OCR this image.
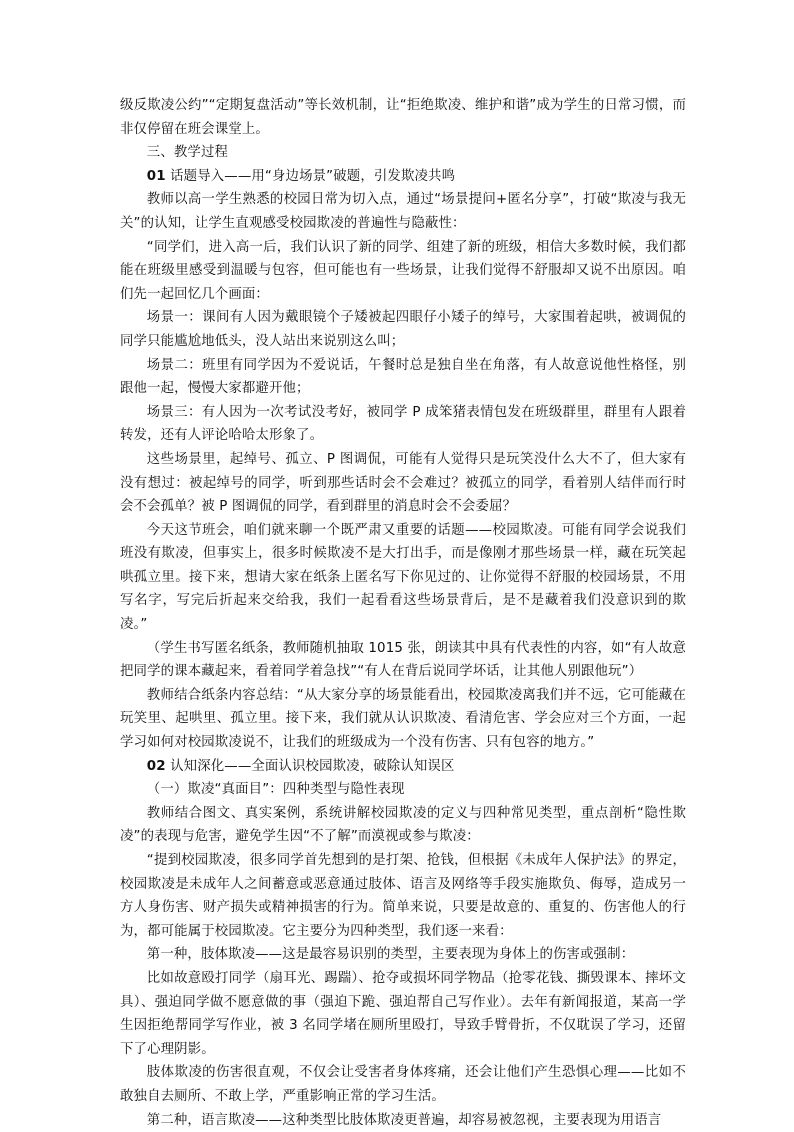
级反欺凌公约”“定期复盘活动”等长效机制，让“拒绝欺凌、维护和谐”成为学生的日常习惯，而非仅停留在班会课堂上。

三、教学过程

01 话题导入——用“身边场景”破题，引发欺凌共鸣

教师以高一学生熟悉的校园日常为切入点，通过“场景提问+匿名分享”，打破“欺凌与我无关”的认知，让学生直观感受校园欺凌的普遍性与隐蔽性：

“同学们，进入高一后，我们认识了新的同学、组建了新的班级，相信大多数时候，我们都能在班级里感受到温暖与包容，但可能也有一些场景，让我们觉得不舒服却又说不出原因。咱们先一起回忆几个画面：

场景一：课间有人因为戴眼镜个子矮被起四眼仔小矮子的绰号，大家围着起哄，被调侃的同学只能尴尬地低头，没人站出来说别这么叫；

场景二：班里有同学因为不爱说话，午餐时总是独自坐在角落，有人故意说他性格怪，别跟他一起，慢慢大家都避开他；

场景三：有人因为一次考试没考好，被同学 P 成笨猪表情包发在班级群里，群里有人跟着转发，还有人评论哈哈太形象了。

这些场景里，起绰号、孤立、P 图调侃，可能有人觉得只是玩笑没什么大不了，但大家有没有想过：被起绰号的同学，听到那些话时会不会难过？被孤立的同学，看着别人结伴而行时会不会孤单？被 P 图调侃的同学，看到群里的消息时会不会委屈？

今天这节班会，咱们就来聊一个既严肃又重要的话题——校园欺凌。可能有同学会说我们班没有欺凌，但事实上，很多时候欺凌不是大打出手，而是像刚才那些场景一样，藏在玩笑起哄孤立里。接下来，想请大家在纸条上匿名写下你见过的、让你觉得不舒服的校园场景，不用写名字，写完后折起来交给我，我们一起看看这些场景背后，是不是藏着我们没意识到的欺凌。”

（学生书写匿名纸条，教师随机抽取 1015 张，朗读其中具有代表性的内容，如“有人故意把同学的课本藏起来，看着同学着急找”“有人在背后说同学坏话，让其他人别跟他玩”）

教师结合纸条内容总结：“从大家分享的场景能看出，校园欺凌离我们并不远，它可能藏在玩笑里、起哄里、孤立里。接下来，我们就从认识欺凌、看清危害、学会应对三个方面，一起学习如何对校园欺凌说不，让我们的班级成为一个没有伤害、只有包容的地方。”

02 认知深化——全面认识校园欺凌，破除认知误区

（一）欺凌“真面目”：四种类型与隐性表现

教师结合图文、真实案例，系统讲解校园欺凌的定义与四种常见类型，重点剖析“隐性欺凌”的表现与危害，避免学生因“不了解”而漠视或参与欺凌：

“提到校园欺凌，很多同学首先想到的是打架、抢钱，但根据《未成年人保护法》的界定，校园欺凌是未成年人之间蓄意或恶意通过肢体、语言及网络等手段实施欺负、侮辱，造成另一方人身伤害、财产损失或精神损害的行为。简单来说，只要是故意的、重复的、伤害他人的行为，都可能属于校园欺凌。它主要分为四种类型，我们逐一来看：

第一种，肢体欺凌——这是最容易识别的类型，主要表现为身体上的伤害或强制：

比如故意殴打同学（扇耳光、踢踹）、抢夺或损坏同学物品（抢零花钱、撕毁课本、摔坏文具）、强迫同学做不愿意做的事（强迫下跪、强迫帮自己写作业）。去年有新闻报道，某高一学生因拒绝帮同学写作业，被 3 名同学堵在厕所里殴打，导致手臂骨折，不仅耽误了学习，还留下了心理阴影。

肢体欺凌的伤害很直观，不仅会让受害者身体疼痛，还会让他们产生恐惧心理——比如不敢独自去厕所、不敢上学，严重影响正常的学习生活。

第二种，语言欺凌——这种类型比肢体欺凌更普遍，却容易被忽视，主要表现为用语言
